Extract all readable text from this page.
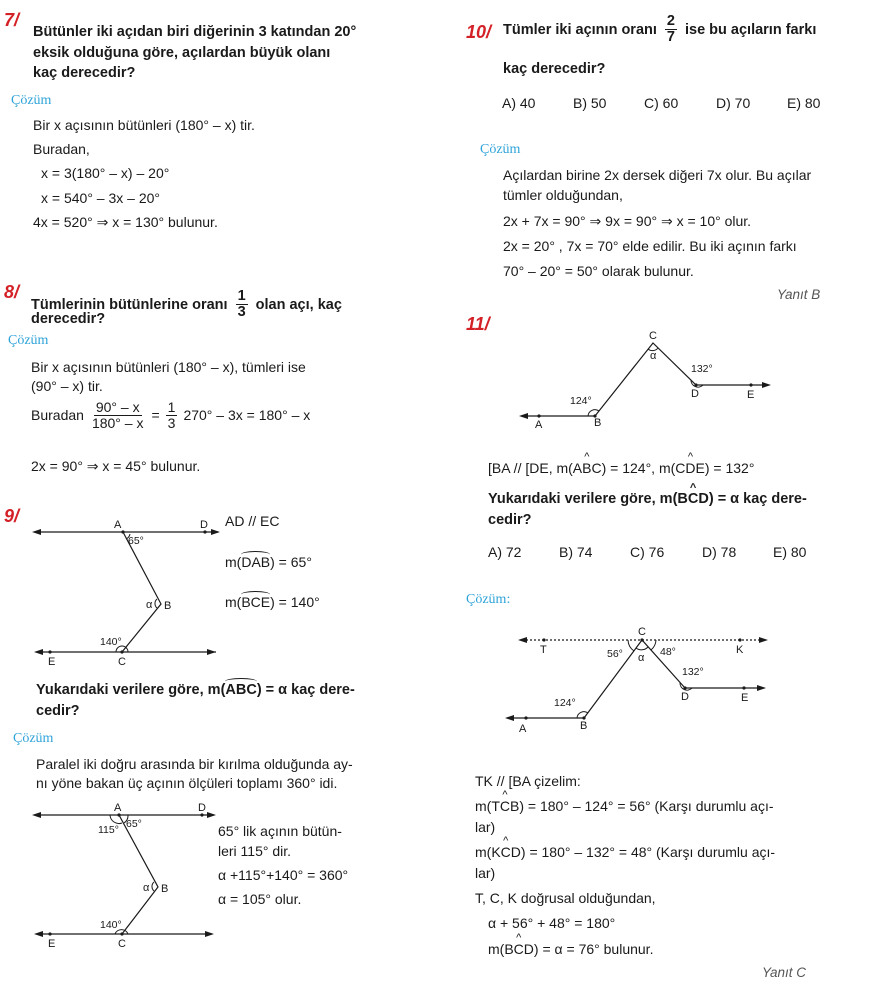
7/
Bütünler iki açıdan biri diğerinin 3 katından 20°
eksik olduğuna göre, açılardan büyük olanı
kaç derecedir?
Çözüm
Bir x açısının bütünleri (180° – x) tir.
Buradan,
x = 3(180° – x) – 20°
x = 540° – 3x – 20°
4x = 520° ⇒ x = 130° bulunur.
8/
Tümlerinin bütünlerine oranı $\frac{1}{3}$ olan açı, kaç
derecedir?
Çözüm
Bir x açısının bütünleri (180° – x), tümleri ise
(90° – x) tir.
Buradan $\frac{90^\circ - x}{180^\circ - x} = \frac{1}{3} 270^\circ - 3x = 180^\circ - x$
2x = 90° ⇒ x = 45° bulunur.
9/	A	D
65°
α B
140°
E	C
AD // EC
m(DAB) = 65°
m(BCE) = 140°
Yukarıdaki verilere göre, m(ABC) = α kaç dere-
cedir?
Çözüm
Paralel iki doğru arasında bir kırılma olduğunda ay-
nı yöne bakan üç açının ölçüleri toplamı 360° idi.
A	D
65°
115°
α B
140°
E	C
65° lik açının bütün-
leri 115° dir.
α +115°+140° = 360°
α = 105° olur.
10/ Tümler iki açının oranı $\frac{2}{7}$ ise bu açıların farkı
kaç derecedir?
A) 40	B) 50	C) 60	D) 70	E) 80
Çözüm
Açılardan birine 2x dersek diğeri 7x olur. Bu açılar
tümler olduğundan,
2x + 7x = 90° ⇒ 9x = 90° ⇒ x = 10° olur.
2x = 20° , 7x = 70° elde edilir. Bu iki açının farkı
70° – 20° = 50° olarak bulunur.
Yanıt B
11/
C
α
132°
D	E
124°
A	B
[BA // [DE, m(AB ^C) = 124°, m(CD ^E) = 132°
Yukarıdaki verilere göre, m(BC ^D) = α kaç dere-
cedir?
A) 72	B) 74	C) 76	D) 78	E) 80
Çözüm:
C
T	K
56° α 48°
132°
D	E
124°
A	B
TK // [BA çizelim:
m(TC ^B) = 180° – 124° = 56° (Karşı durumlu açı-
lar)
m(KC ^D) = 180° – 132° = 48° (Karşı durumlu açı-
lar)
T, C, K doğrusal olduğundan,
α + 56° + 48° = 180°
m(BC ^D) = α = 76° bulunur.
Yanıt C
